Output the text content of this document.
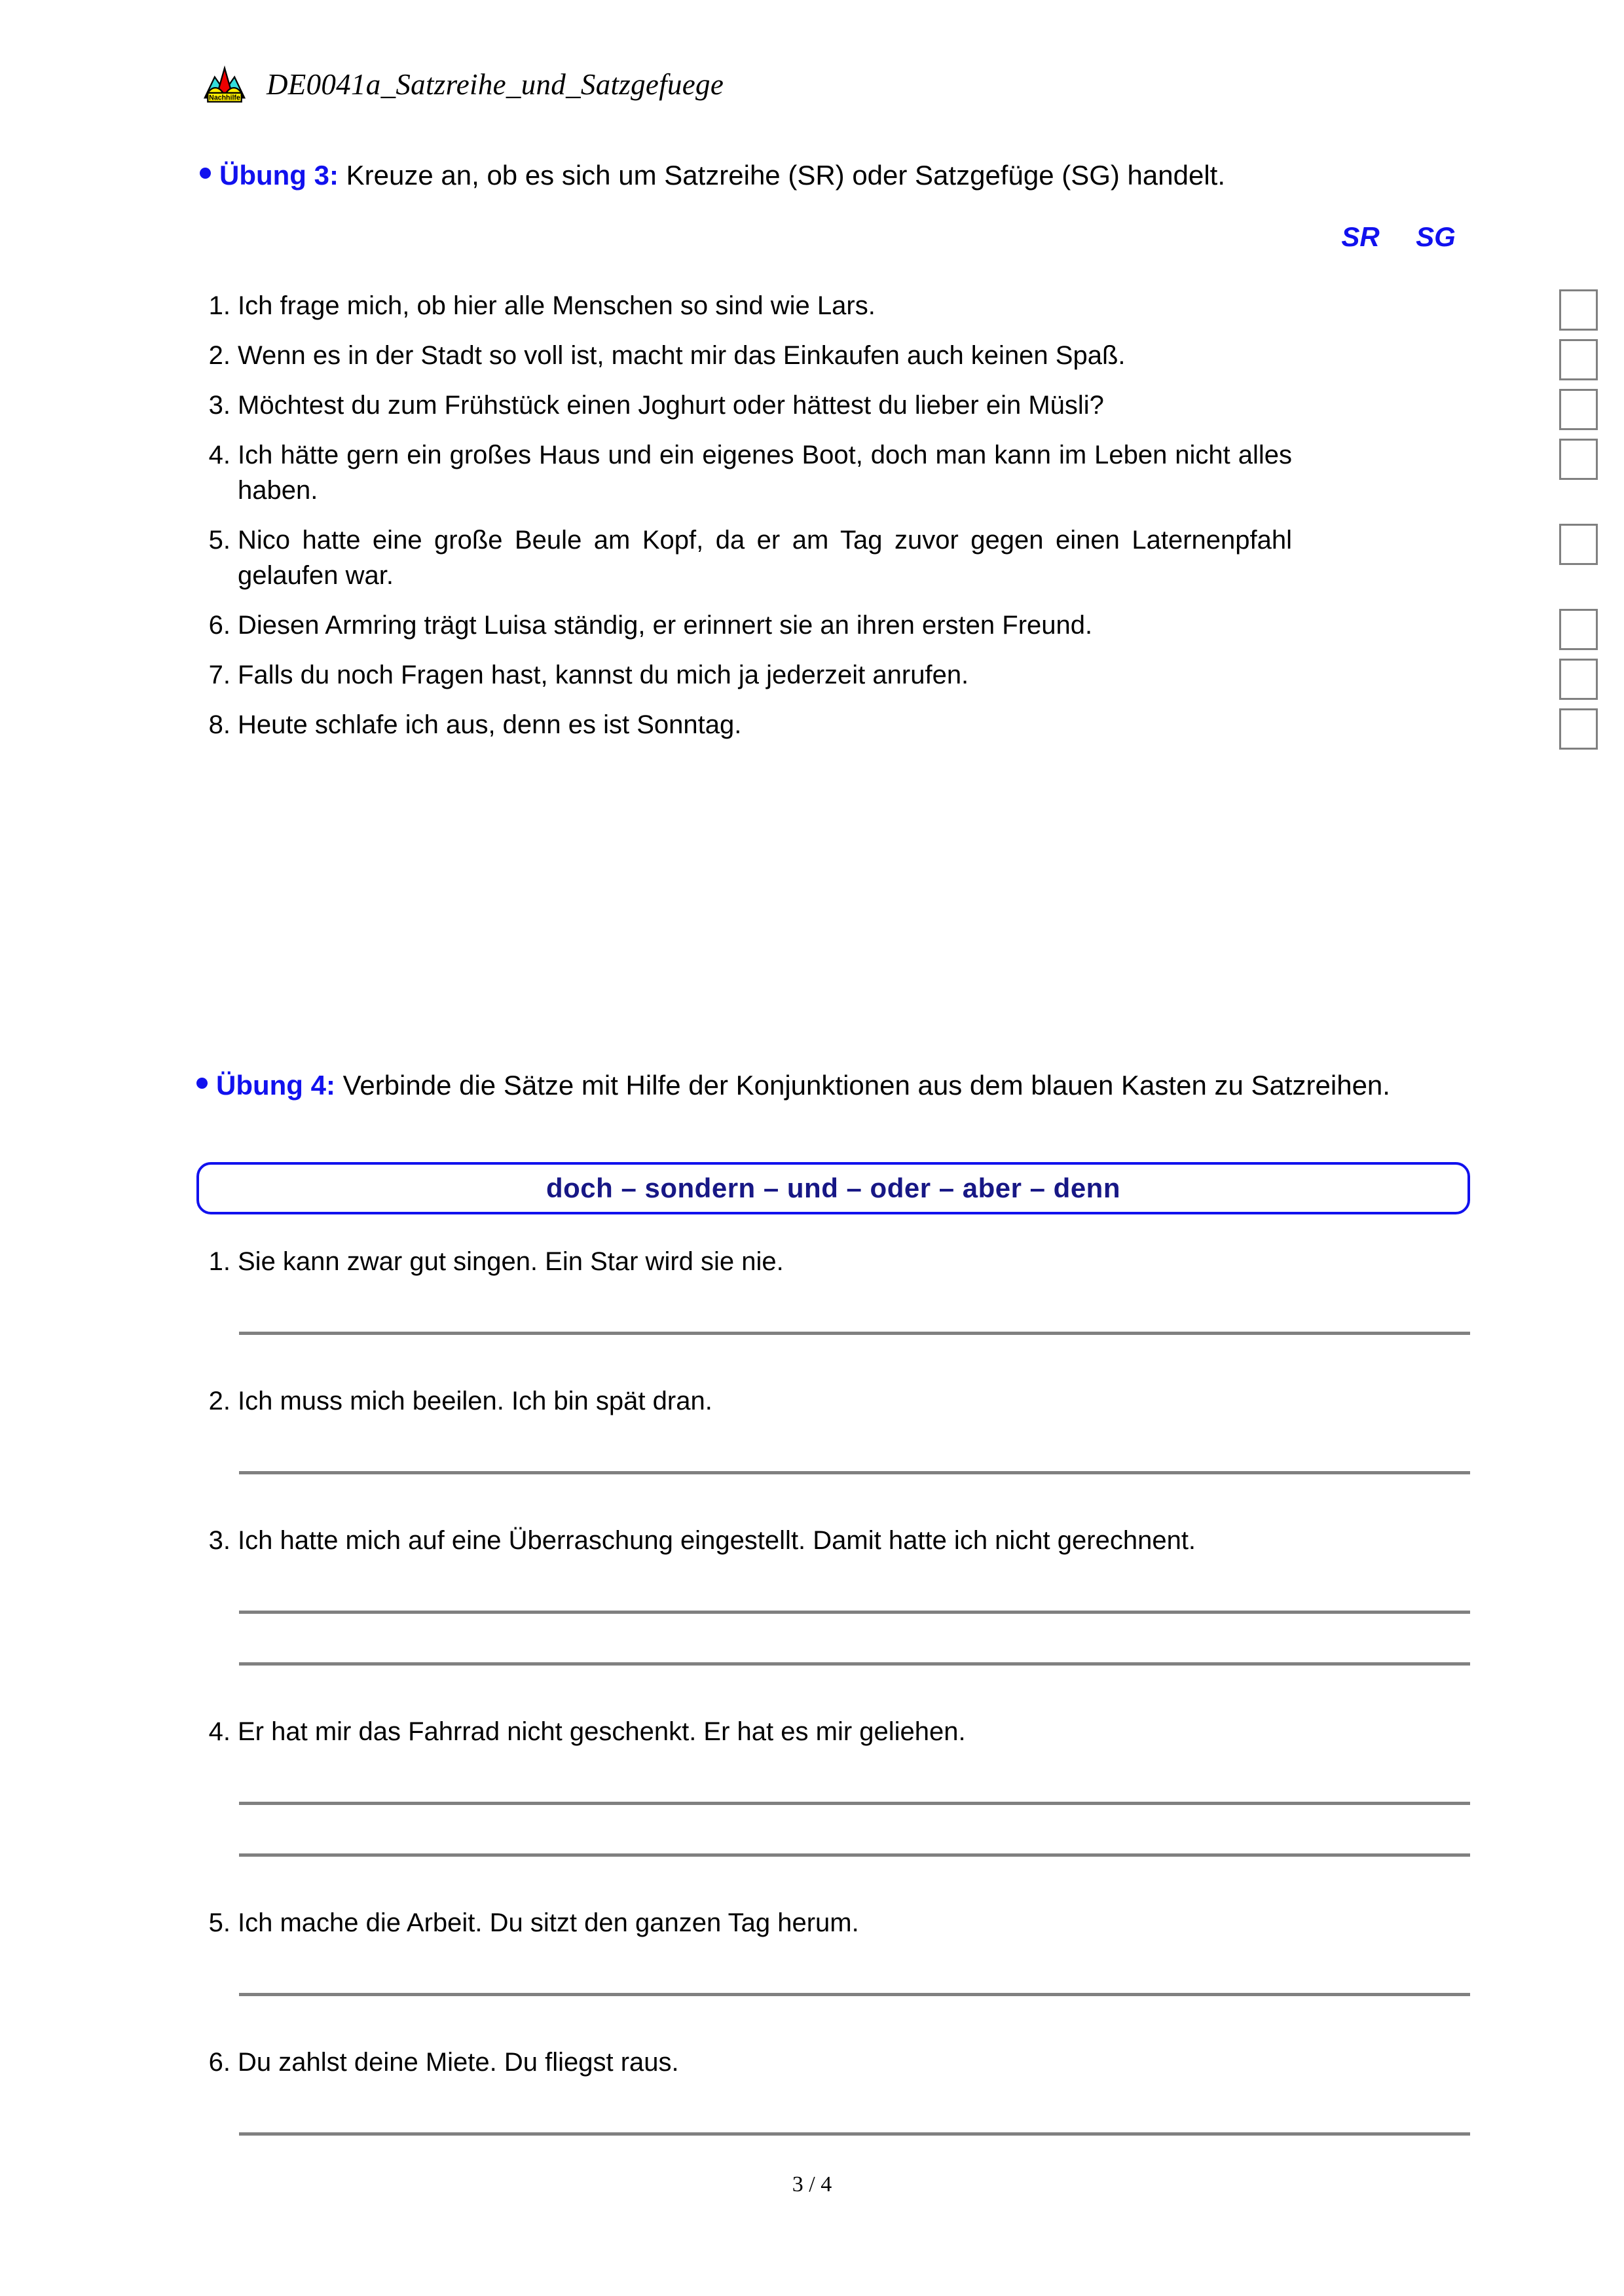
Nachhilfe DE0041a_Satzreihe_und_Satzgefuege
Übung 3: Kreuze an, ob es sich um Satzreihe (SR) oder Satzgefüge (SG) handelt.
SR	SG
1. Ich frage mich, ob hier alle Menschen so sind wie Lars.
2. Wenn es in der Stadt so voll ist, macht mir das Einkaufen auch keinen Spaß.
3. Möchtest du zum Frühstück einen Joghurt oder hättest du lieber ein Müsli?
4. Ich hätte gern ein großes Haus und ein eigenes Boot, doch man kann im Leben nicht alles haben.
5. Nico hatte eine große Beule am Kopf, da er am Tag zuvor gegen einen Laternenpfahl gelaufen war.
6. Diesen Armring trägt Luisa ständig, er erinnert sie an ihren ersten Freund.
7. Falls du noch Fragen hast, kannst du mich ja jederzeit anrufen.
8. Heute schlafe ich aus, denn es ist Sonntag.
Übung 4: Verbinde die Sätze mit Hilfe der Konjunktionen aus dem blauen Kasten zu Satzreihen.
doch – sondern – und – oder – aber – denn
1. Sie kann zwar gut singen. Ein Star wird sie nie.
2. Ich muss mich beeilen. Ich bin spät dran.
3. Ich hatte mich auf eine Überraschung eingestellt. Damit hatte ich nicht gerechnent.
4. Er hat mir das Fahrrad nicht geschenkt. Er hat es mir geliehen.
5. Ich mache die Arbeit. Du sitzt den ganzen Tag herum.
6. Du zahlst deine Miete. Du fliegst raus.
3 / 4
